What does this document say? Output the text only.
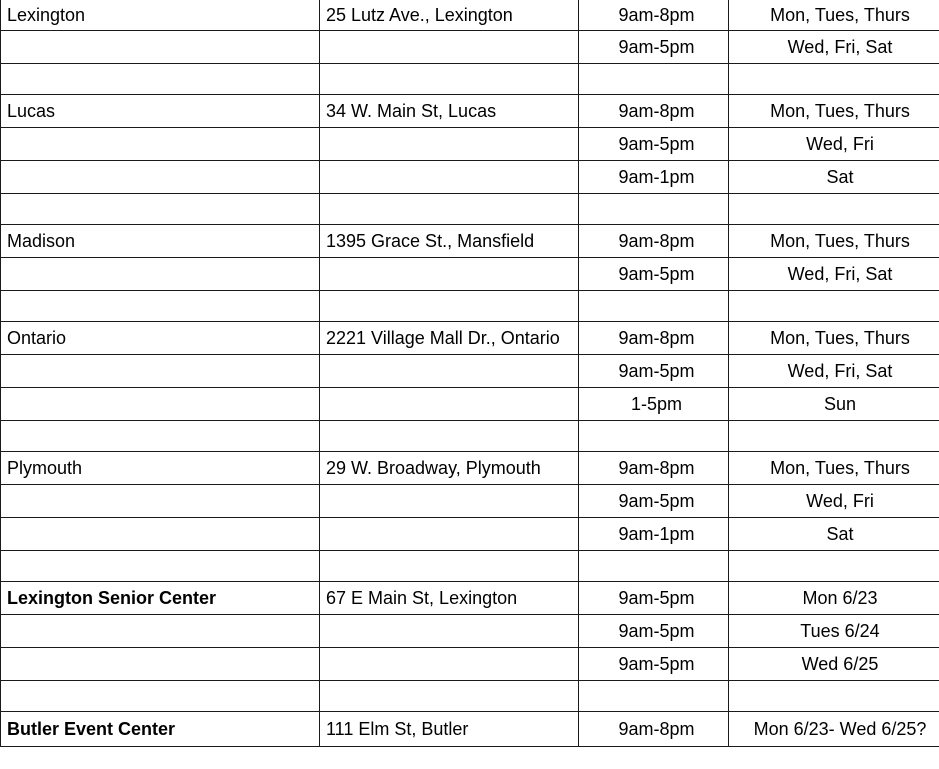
Lexington	25 Lutz Ave., Lexington	9am-8pm	Mon, Tues, Thurs
		9am-5pm	Wed, Fri, Sat

Lucas	34 W. Main St, Lucas	9am-8pm	Mon, Tues, Thurs
		9am-5pm	Wed, Fri
		9am-1pm	Sat

Madison	1395 Grace St., Mansfield	9am-8pm	Mon, Tues, Thurs
		9am-5pm	Wed, Fri, Sat

Ontario	2221 Village Mall Dr., Ontario	9am-8pm	Mon, Tues, Thurs
		9am-5pm	Wed, Fri, Sat
		1-5pm	Sun

Plymouth	29 W. Broadway, Plymouth	9am-8pm	Mon, Tues, Thurs
		9am-5pm	Wed, Fri
		9am-1pm	Sat

Lexington Senior Center	67 E Main St, Lexington	9am-5pm	Mon 6/23
		9am-5pm	Tues 6/24
		9am-5pm	Wed 6/25

Butler Event Center	111 Elm St, Butler	9am-8pm	Mon 6/23- Wed 6/25?
